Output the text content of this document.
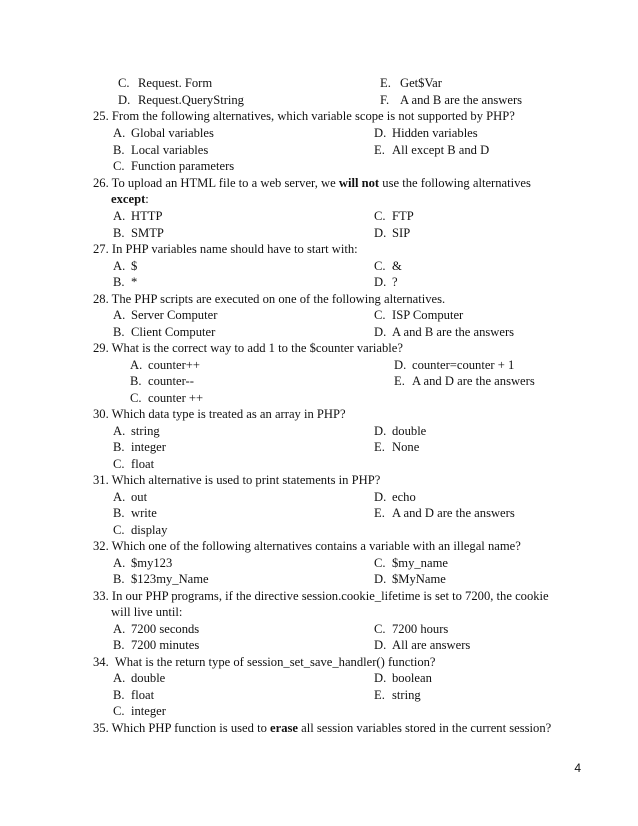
C. Request. Form	E. Get$Var
D. Request.QueryString	F. A and B are the answers
25. From the following alternatives, which variable scope is not supported by PHP?
A. Global variables	D. Hidden variables
B. Local variables	E. All except B and D
C. Function parameters
26. To upload an HTML file to a web server, we will not use the following alternatives
except:
A. HTTP	C. FTP
B. SMTP	D. SIP
27. In PHP variables name should have to start with:
A. $	C. &
B. *	D. ?
28. The PHP scripts are executed on one of the following alternatives.
A. Server Computer	C. ISP Computer
B. Client Computer	D. A and B are the answers
29. What is the correct way to add 1 to the $counter variable?
A. counter++	D. counter=counter + 1
B. counter--	E. A and D are the answers
C. counter ++
30. Which data type is treated as an array in PHP?
A. string	D. double
B. integer	E. None
C. float
31. Which alternative is used to print statements in PHP?
A. out	D. echo
B. write	E. A and D are the answers
C. display
32. Which one of the following alternatives contains a variable with an illegal name?
A. $my123	C. $my_name
B. $123my_Name	D. $MyName
33. In our PHP programs, if the directive session.cookie_lifetime is set to 7200, the cookie
will live until:
A. 7200 seconds	C. 7200 hours
B. 7200 minutes	D. All are answers
34. What is the return type of session_set_save_handler() function?
A. double	D. boolean
B. float	E. string
C. integer
35. Which PHP function is used to erase all session variables stored in the current session?
4
